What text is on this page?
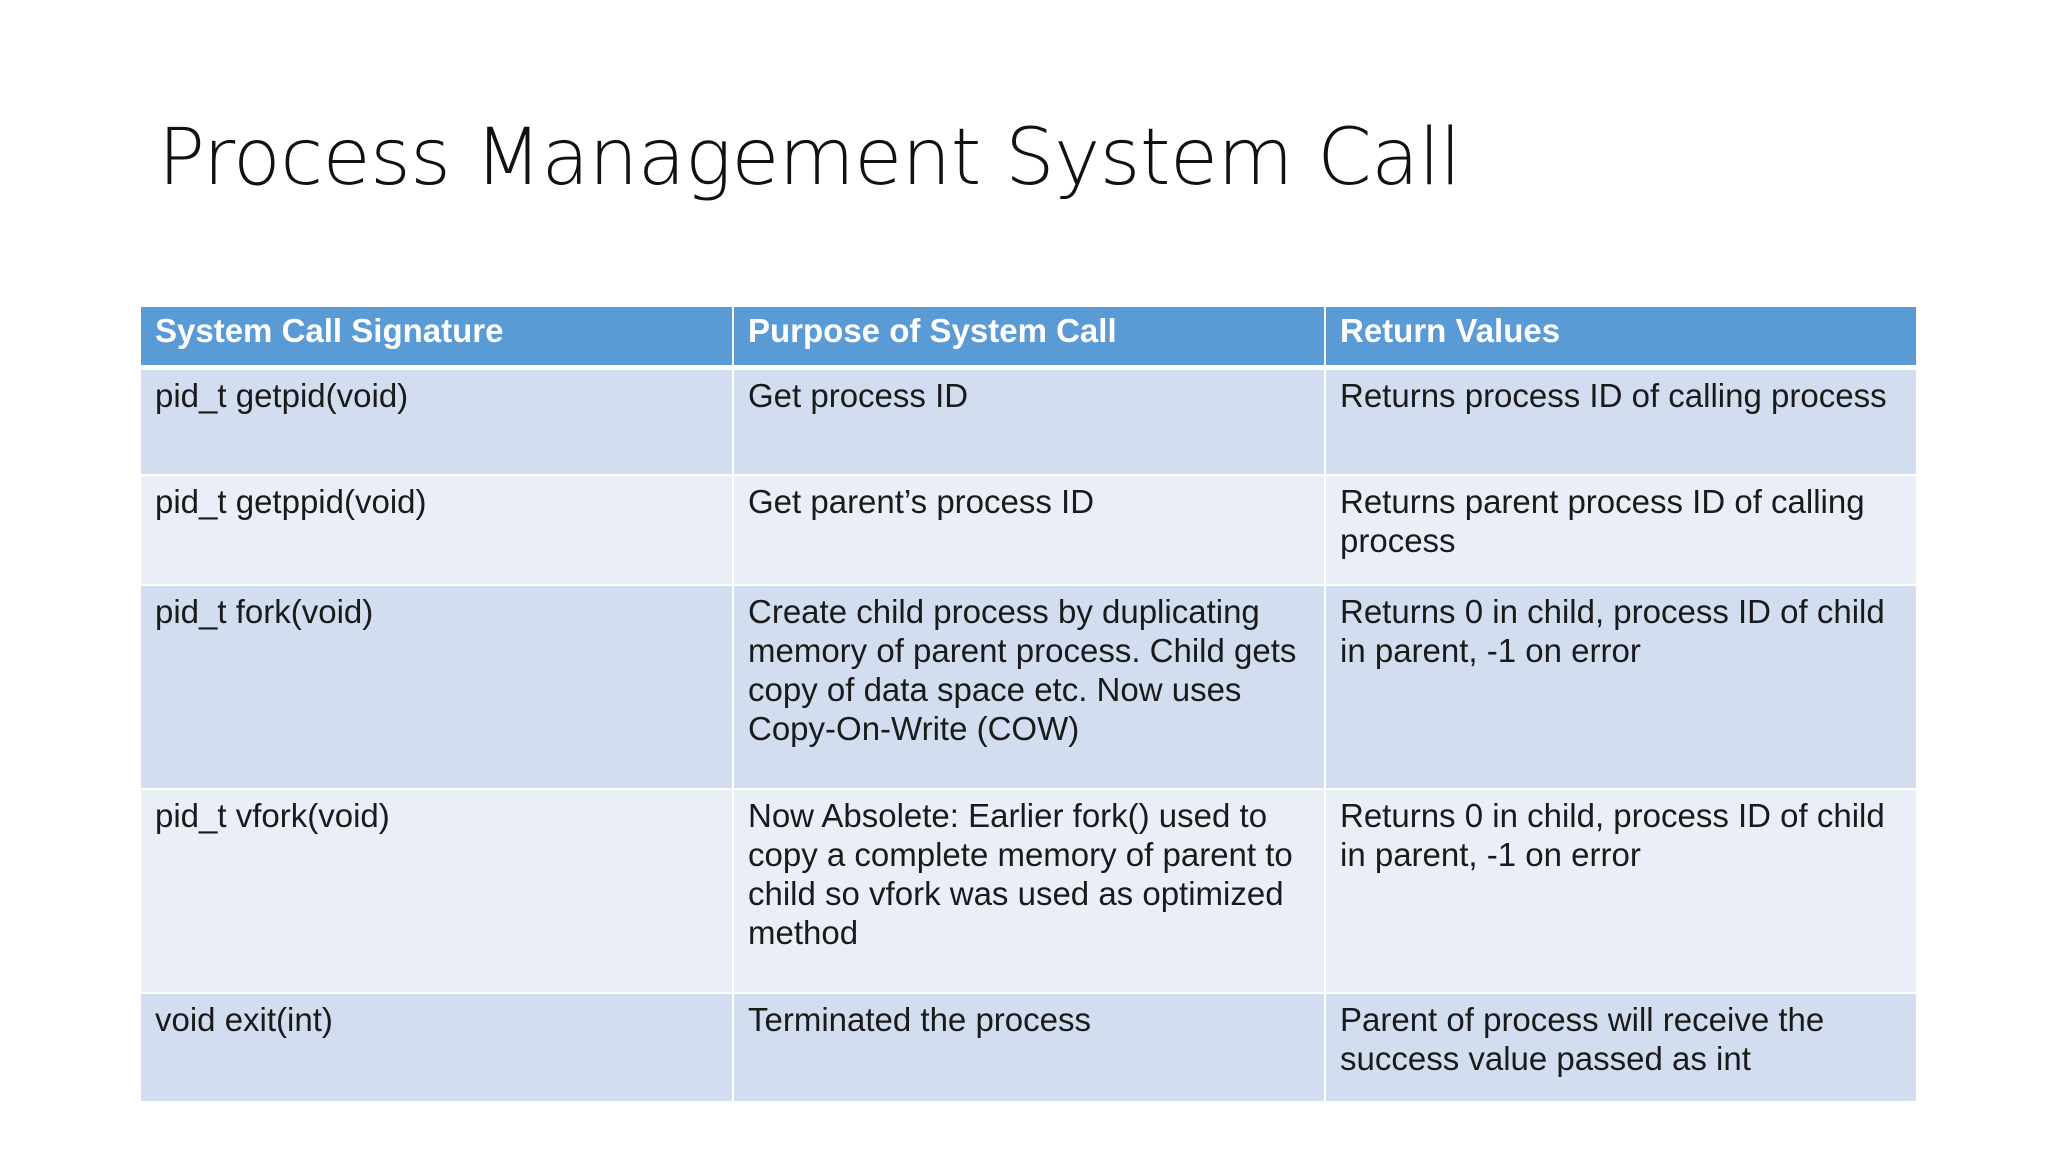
Process Management System Call
System Call Signature	Purpose of System Call	Return Values
pid_t getpid(void)	Get process ID	Returns process ID of calling process
pid_t getppid(void)	Get parent’s process ID	Returns parent process ID of calling process
pid_t fork(void)	Create child process by duplicating memory of parent process. Child gets copy of data space etc. Now uses Copy-On-Write (COW)	Returns 0 in child, process ID of child in parent, -1 on error
pid_t vfork(void)	Now Absolete: Earlier fork() used to copy a complete memory of parent to child so vfork was used as optimized method	Returns 0 in child, process ID of child in parent, -1 on error
void exit(int)	Terminated the process	Parent of process will receive the success value passed as int
